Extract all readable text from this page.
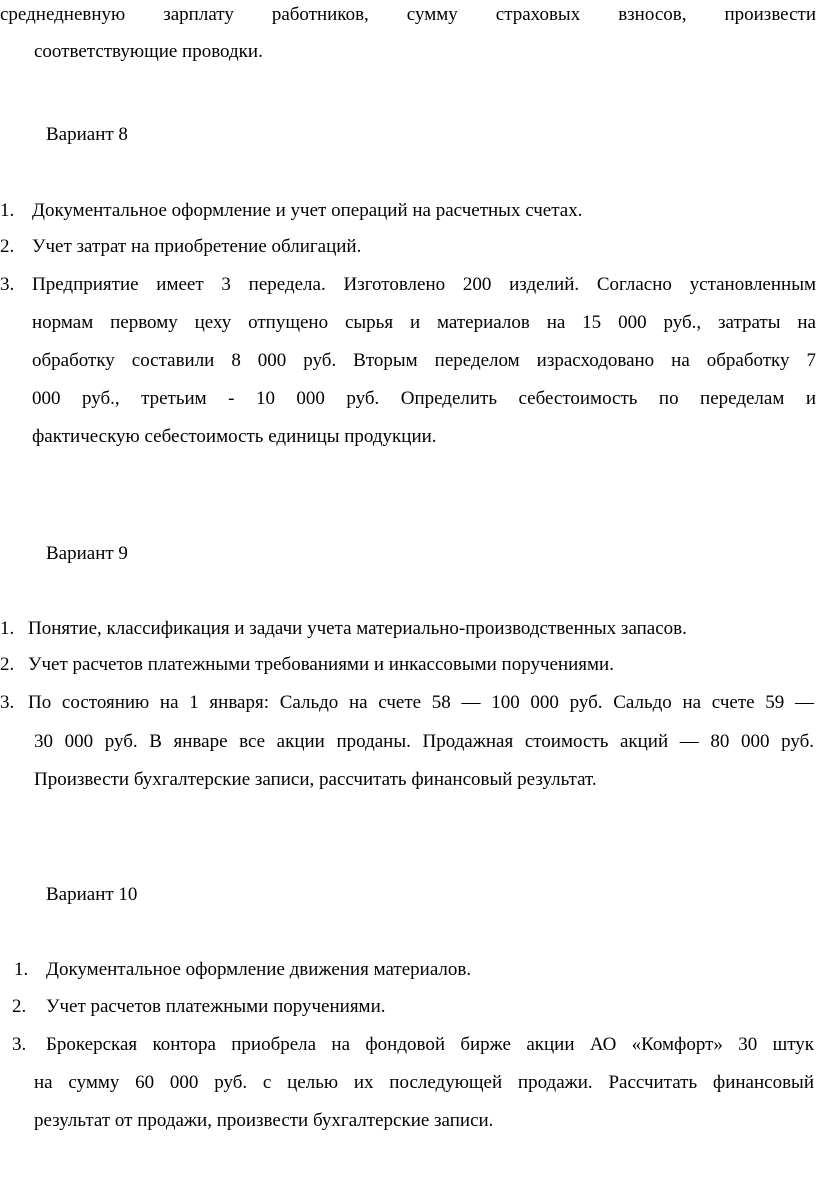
среднедневную зарплату работников, сумму страховых взносов, произвести
соответствующие проводки.
Вариант 8
1. Документальное оформление и учет операций на расчетных счетах.
2. Учет затрат на приобретение облигаций.
3. Предприятие имеет 3 передела. Изготовлено 200 изделий. Согласно установленным
нормам первому цеху отпущено сырья и материалов на 15 000 руб., затраты на
обработку составили 8 000 руб. Вторым переделом израсходовано на обработку 7
000 руб., третьим - 10 000 руб. Определить себестоимость по переделам и
фактическую себестоимость единицы продукции.
Вариант 9
1. Понятие, классификация и задачи учета материально-производственных запасов.
2. Учет расчетов платежными требованиями и инкассовыми поручениями.
3. По состоянию на 1 января: Сальдо на счете 58 — 100 000 руб. Сальдо на счете 59 —
30 000 руб. В январе все акции проданы. Продажная стоимость акций — 80 000 руб.
Произвести бухгалтерские записи, рассчитать финансовый результат.
Вариант 10
1. Документальное оформление движения материалов.
2. Учет расчетов платежными поручениями.
3. Брокерская контора приобрела на фондовой бирже акции АО «Комфорт» 30 штук
на сумму 60 000 руб. с целью их последующей продажи. Рассчитать финансовый
результат от продажи, произвести бухгалтерские записи.
